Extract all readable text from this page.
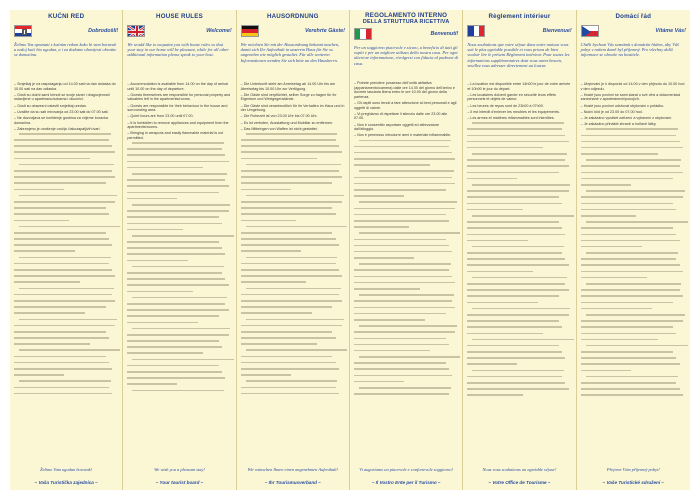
KUĆNI RED
Dobrodošli!
Želimo Vas upoznati s kućnim redom kako bi vam boravak u našoj kući bio ugodan, a i za dodatne obavijesti obratite se domaćinu.
– Smještaj je na raspolaganju od 14.00 sati na dan dolaska do 10.00 sati na dan odlaska.
– Gosti su dužni sami brinuti se svoje stvari i dragocjenosti ostavljene u apartmanu/sobama i okućnici.
– Gosti su obavezni ostaviti smještaj uredan.
– Uvažite da su sati mirovanja od 23.00 sati do 07.00 sati.
– Ne dozvoljava se korištenje gostima za vrijeme boravka domaćina.
– Zabranjeno je unošenje oružja i lakozapaljivih tvari.
Želimo Vam ugodan boravak!
– Vaša Turistička zajednica –
HOUSE RULES
Welcome!
We would like to acquaint you with house rules so that your stay in our home will be pleasant, while for all other additional information please speak to your host.
– Accommodation is available from 14.00 on the day of arrival until 10.00 on the day of departure.
– Guests themselves are responsible for personal property and valuables left in the apartments/rooms.
– Guests are responsible for their behaviour in the house and surrounding area.
– Quiet hours are from 23.00 until 07.00.
– It is forbidden to remove appliances and equipment from the apartments/rooms.
– Bringing in weapons and easily flammable material is not permitted.
We wish you a pleasant stay!
– Your tourist board –
HAUSORDNUNG
Verehrte Gäste!
Wir möchten Sie mit der Hausordnung bekannt machen, damit sich Ihr Aufenthalt in unserem Haus für Sie so angenehm wie möglich gestaltet. Für alle weiteren Informationen wenden Sie sich bitte an den Hausherrn.
– Die Unterkunft steht am Anreisetag ab 14.00 Uhr bis am Abreisetag bis 10.00 Uhr zur Verfügung.
– Die Gäste sind verpflichtet, selber Sorge zu tragen für ihr Eigentum und Wertgegenstände.
– Die Gäste sind verantwortlich für ihr Verhalten im Haus und in der Umgebung.
– Die Ruhezeit ist von 23.00 Uhr bis 07.00 Uhr.
– Es ist verboten, Ausstattung und Mobiliar zu entfernen.
– Das Mitbringen von Waffen ist nicht gestattet.
Wir wünschen Ihnen einen angenehmen Aufenthalt!
– Ihr Tourismusverband –
REGOLAMENTO INTERNO
DELLA STRUTTURA RICETTIVA
Benvenuti!
Per un soggiorno piacevole e sicuro, a beneficio di tutti gli ospiti e per un migliore utilizzo della nostra casa. Per ogni ulteriore informazione, rivolgersi con fiducia al padrone di casa.
– Potrete prendere possesso dell'unità abitativa (appartamento/camera) dalle ore 14.00 del giorno dell'arrivo e dovrete lasciarla libera entro le ore 10.00 del giorno della partenza.
– Gli ospiti sono tenuti a fare attenzione ai beni personali e agli oggetti di valore.
– Vi preghiamo di rispettare il silenzio dalle ore 23.00 alle 07.00.
– Non è consentito asportare oggetti ed attrezzature dall'alloggio.
– Non è permesso introdurre armi e materiale infiammabile.
Vi auguriamo un piacevole e confortevole soggiorno!
– Il Vostro Ente per il Turismo –
Règlement intérieur
Bienvenue!
Nous souhaitons que votre séjour dans notre maison vous soit le plus agréable possible et vous prions de bien vouloir lire le présent Règlement intérieur. Pour toutes les informations supplémentaires dont vous aurez besoin, veuillez vous adresser directement au loueur.
– La location est disponible entre 14h00 le jour de votre arrivée et 10h00 le jour du départ.
– Les locataires doivent garder en sécurité leurs effets personnels et objets de valeur.
– Les heures de repos sont de 23h00 à 07h00.
– Il est interdit d'enlever les meubles et les équipements.
– Les armes et matières inflammables sont interdites.
Nous vous souhaitons un agréable séjour!
– Votre Office de Tourisme –
Domácí řád
Vítáme Vás!
Chtěli bychom Vás seznámit s domácím řádem, aby Váš pobyt v našem domě byl příjemný. Pro všechny další informace se obraťte na hostitele.
– Ubytování je k dispozici od 14.00 v den příjezdu do 10.00 hod v den odjezdu.
– Hosté jsou povinni se sami starat o své věci a dokumentaci zanechané v apartmánech/pokojích.
– Hosté jsou povinni udržovat ubytování v pořádku.
– Noční klid je od 23.00 do 07.00 hod.
– Je zakázáno vynášet zařízení a vybavení z ubytování.
– Je zakázáno přinášet zbraně a hořlavé látky.
Přejeme Vám příjemný pobyt!
– Vaše Turistické sdružení –
